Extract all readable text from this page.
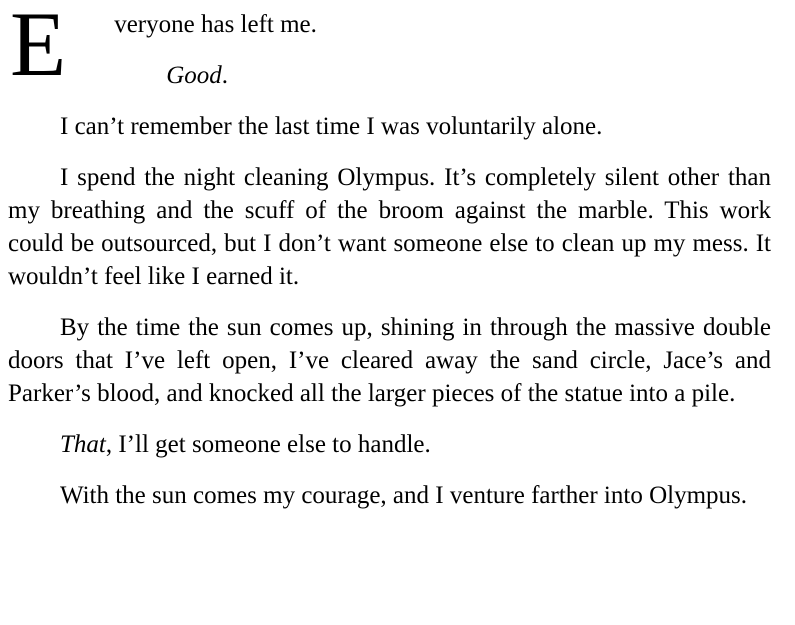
E veryone has left me.

Good.

I can’t remember the last time I was voluntarily alone.

I spend the night cleaning Olympus. It’s completely silent other than my breathing and the scuff of the broom against the marble. This work could be outsourced, but I don’t want someone else to clean up my mess. It wouldn’t feel like I earned it.

By the time the sun comes up, shining in through the massive double doors that I’ve left open, I’ve cleared away the sand circle, Jace’s and Parker’s blood, and knocked all the larger pieces of the statue into a pile.

That, I’ll get someone else to handle.

With the sun comes my courage, and I venture farther into Olympus.
